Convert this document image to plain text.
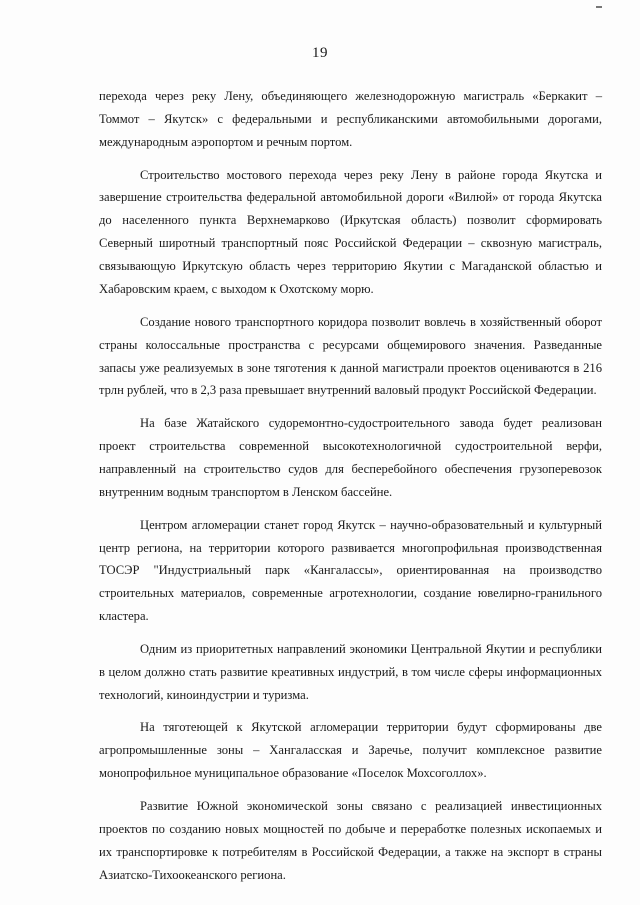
19

перехода через реку Лену, объединяющего железнодорожную магистраль «Беркакит – Томмот – Якутск» с федеральными и республиканскими автомобильными дорогами, международным аэропортом и речным портом.

Строительство мостового перехода через реку Лену в районе города Якутска и завершение строительства федеральной автомобильной дороги «Вилюй» от города Якутска до населенного пункта Верхнемарково (Иркутская область) позволит сформировать Северный широтный транспортный пояс Российской Федерации – сквозную магистраль, связывающую Иркутскую область через территорию Якутии с Магаданской областью и Хабаровским краем, с выходом к Охотскому морю.

Создание нового транспортного коридора позволит вовлечь в хозяйственный оборот страны колоссальные пространства с ресурсами общемирового значения. Разведанные запасы уже реализуемых в зоне тяготения к данной магистрали проектов оцениваются в 216 трлн рублей, что в 2,3 раза превышает внутренний валовый продукт Российской Федерации.

На базе Жатайского судоремонтно-судостроительного завода будет реализован проект строительства современной высокотехнологичной судостроительной верфи, направленный на строительство судов для бесперебойного обеспечения грузоперевозок внутренним водным транспортом в Ленском бассейне.

Центром агломерации станет город Якутск – научно-образовательный и культурный центр региона, на территории которого развивается многопрофильная производственная ТОСЭР "Индустриальный парк «Кангаласcы», ориентированная на производство строительных материалов, современные агротехнологии, создание ювелирно-гранильного кластера.

Одним из приоритетных направлений экономики Центральной Якутии и республики в целом должно стать развитие креативных индустрий, в том числе сферы информационных технологий, киноиндустрии и туризма.

На тяготеющей к Якутской агломерации территории будут сформированы две агропромышленные зоны – Хангаласская и Заречье, получит комплексное развитие монопрофильное муниципальное образование «Поселок Мохсоголлох».

Развитие Южной экономической зоны связано с реализацией инвестиционных проектов по созданию новых мощностей по добыче и переработке полезных ископаемых и их транспортировке к потребителям в Российской Федерации, а также на экспорт в страны Азиатско-Тихоокеанского региона.
